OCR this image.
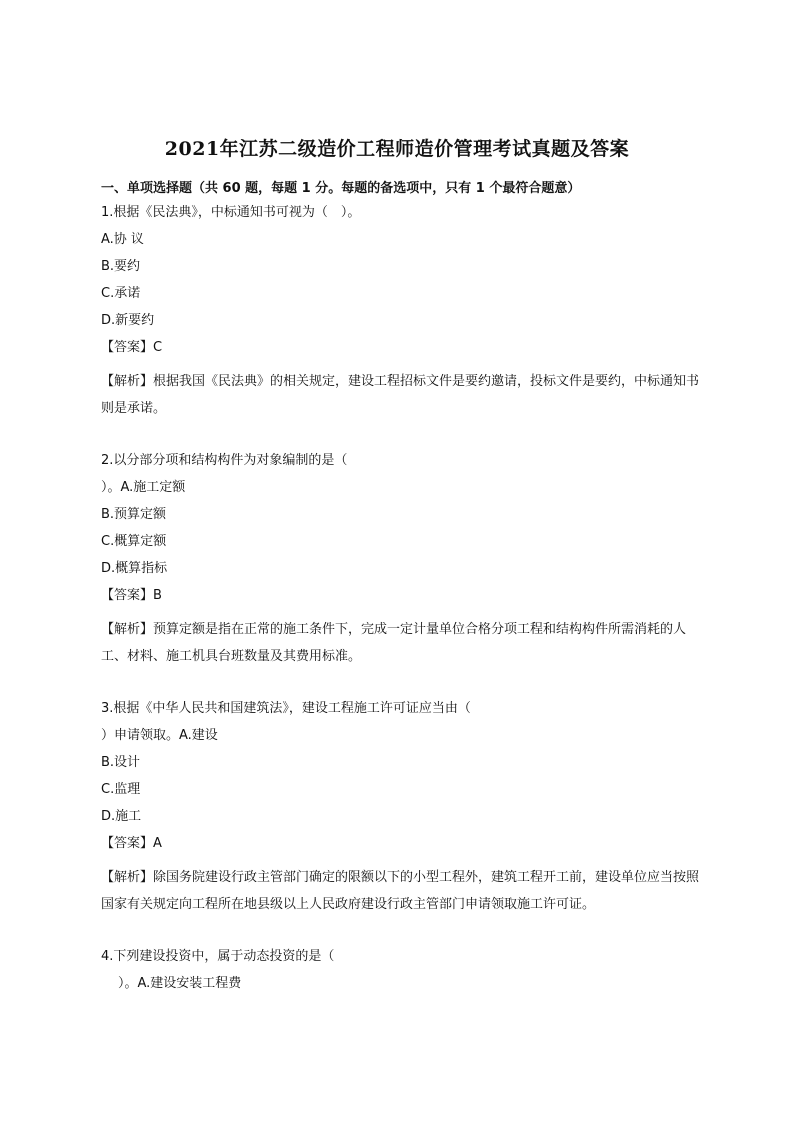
2021年江苏二级造价工程师造价管理考试真题及答案
一、单项选择题（共 60 题，每题 1 分。每题的备选项中，只有 1 个最符合题意）
1.根据《民法典》，中标通知书可视为（　）。
A.协 议
B.要约
C.承诺
D.新要约
【答案】C
【解析】根据我国《民法典》的相关规定，建设工程招标文件是要约邀请，投标文件是要约，中标通知书则是承诺。
2.以分部分项和结构构件为对象编制的是（
）。A.施工定额
B.预算定额
C.概算定额
D.概算指标
【答案】B
【解析】预算定额是指在正常的施工条件下，完成一定计量单位合格分项工程和结构构件所需消耗的人工、材料、施工机具台班数量及其费用标准。
3.根据《中华人民共和国建筑法》，建设工程施工许可证应当由（
）申请领取。A.建设
B.设计
C.监理
D.施工
【答案】A
【解析】除国务院建设行政主管部门确定的限额以下的小型工程外，建筑工程开工前，建设单位应当按照国家有关规定向工程所在地县级以上人民政府建设行政主管部门申请领取施工许可证。
4.下列建设投资中，属于动态投资的是（
）。A.建设安装工程费
